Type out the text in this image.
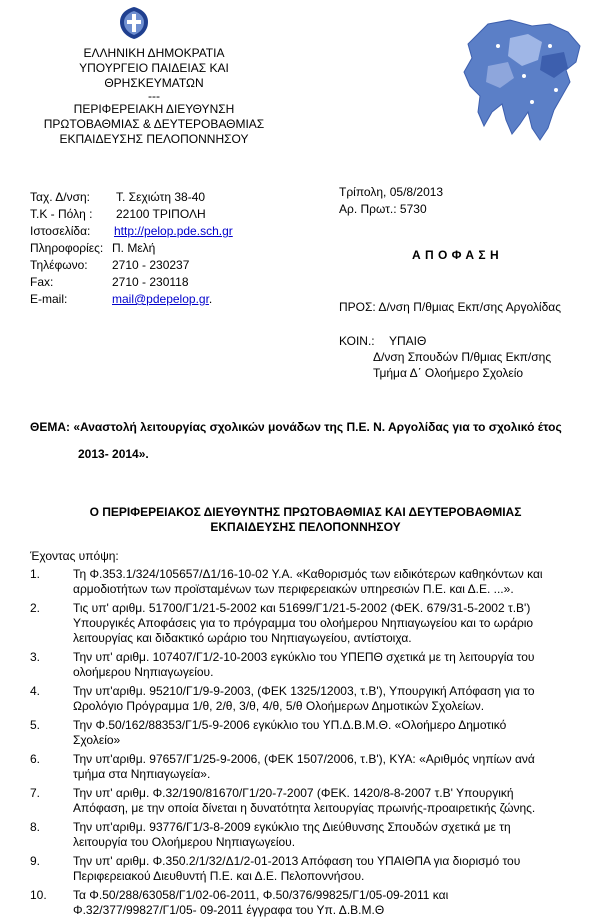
ΕΛΛΗΝΙΚΗ ΔΗΜΟΚΡΑΤΙΑ
ΥΠΟΥΡΓΕΙΟ ΠΑΙΔΕΙΑΣ ΚΑΙ
ΘΡΗΣΚΕΥΜΑΤΩΝ
---
ΠΕΡΙΦΕΡΕΙΑΚΗ ΔΙΕΥΘΥΝΣΗ
ΠΡΩΤΟΒΑΘΜΙΑΣ & ΔΕΥΤΕΡΟΒΑΘΜΙΑΣ
ΕΚΠΑΙΔΕΥΣΗΣ ΠΕΛΟΠΟΝΝΗΣΟΥ
Ταχ. Δ/νση: Τ. Σεχιώτη 38-40
Τ.Κ - Πόλη : 22100 ΤΡΙΠΟΛΗ
Ιστοσελίδα: http://pelop.pde.sch.gr
Πληροφορίες: Π. Μελή
Τηλέφωνο: 2710 - 230237
Fax:	2710 - 230118
E-mail:	mail@pdepelop.gr.
Τρίπολη, 05/8/2013
Αρ. Πρωτ.: 5730
Α Π Ο Φ Α Σ Η
ΠΡΟΣ: Δ/νση Π/θμιας Εκπ/σης Αργολίδας
ΚΟΙΝ.: ΥΠΑΙΘ
Δ/νση Σπουδών Π/θμιας Εκπ/σης
Τμήμα Δ΄ Ολοήμερο Σχολείο
ΘΕΜΑ: «Αναστολή λειτουργίας σχολικών μονάδων της Π.Ε. Ν. Αργολίδας για το σχολικό έτος
2013- 2014».
Ο ΠΕΡΙΦΕΡΕΙΑΚΟΣ ΔΙΕΥΘΥΝΤΗΣ ΠΡΩΤΟΒΑΘΜΙΑΣ ΚΑΙ ΔΕΥΤΕΡΟΒΑΘΜΙΑΣ
ΕΚΠΑΙΔΕΥΣΗΣ ΠΕΛΟΠΟΝΝΗΣΟΥ
Έχοντας υπόψη:
1.	Τη Φ.353.1/324/105657/Δ1/16-10-02 Υ.Α. «Καθορισμός των ειδικότερων καθηκόντων και
αρμοδιοτήτων των προϊσταμένων των περιφερειακών υπηρεσιών Π.Ε. και Δ.Ε. ...».
2.	Τις υπ' αριθμ. 51700/Γ1/21-5-2002 και 51699/Γ1/21-5-2002 (ΦΕΚ. 679/31-5-2002 τ.Β')
Υπουργικές Αποφάσεις για το πρόγραμμα του ολοήμερου Νηπιαγωγείου και το ωράριο
λειτουργίας και διδακτικό ωράριο του Νηπιαγωγείου, αντίστοιχα.
3.	Την υπ' αριθμ. 107407/Γ1/2-10-2003 εγκύκλιο του ΥΠΕΠΘ σχετικά με τη λειτουργία του
ολοήμερου Νηπιαγωγείου.
4.	Την υπ'αριθμ. 95210/Γ1/9-9-2003, (ΦΕΚ 1325/12003, τ.Β'), Υπουργική Απόφαση για το
Ωρολόγιο Πρόγραμμα 1/θ, 2/θ, 3/θ, 4/θ, 5/θ Ολοήμερων Δημοτικών Σχολείων.
5.	Την Φ.50/162/88353/Γ1/5-9-2006 εγκύκλιο του ΥΠ.Δ.Β.Μ.Θ. «Ολοήμερο Δημοτικό
Σχολείο»
6.	Την υπ'αριθμ. 97657/Γ1/25-9-2006, (ΦΕΚ 1507/2006, τ.Β'), ΚΥΑ: «Αριθμός νηπίων ανά
τμήμα στα Νηπιαγωγεία».
7.	Την υπ' αριθμ. Φ.32/190/81670/Γ1/20-7-2007 (ΦΕΚ. 1420/8-8-2007 τ.Β' Υπουργική
Απόφαση, με την οποία δίνεται η δυνατότητα λειτουργίας πρωινής-προαιρετικής ζώνης.
8.	Την υπ'αριθμ. 93776/Γ1/3-8-2009 εγκύκλιο της Διεύθυνσης Σπουδών σχετικά με τη
λειτουργία του Ολοήμερου Νηπιαγωγείου.
9.	Την υπ' αριθμ. Φ.350.2/1/32/Δ1/2-01-2013 Απόφαση του ΥΠΑΙΘΠΑ για διορισμό του
Περιφερειακού Διευθυντή Π.Ε. και Δ.Ε. Πελοποννήσου.
10. Τα Φ.50/288/63058/Γ1/02-06-2011, Φ.50/376/99825/Γ1/05-09-2011 και
Φ.32/377/99827/Γ1/05- 09-2011 έγγραφα του Υπ. Δ.Β.Μ.Θ
